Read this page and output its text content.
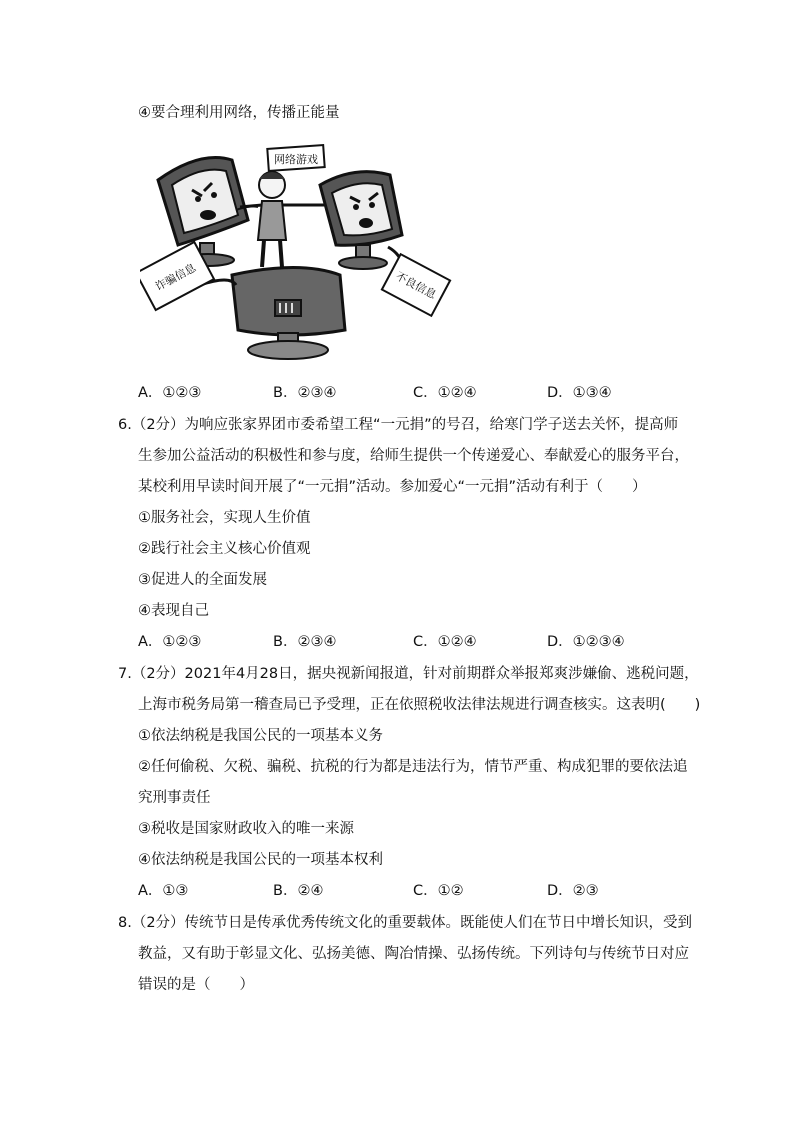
④要合理利用网络，传播正能量
网络游戏
诈骗信息	不良信息
A．①②③	B．②③④	C．①②④	D．①③④
6.（2分）为响应张家界团市委希望工程“一元捐”的号召，给寒门学子送去关怀，提高师
生参加公益活动的积极性和参与度，给师生提供一个传递爱心、奉献爱心的服务平台，
某校利用早读时间开展了“一元捐”活动。参加爱心“一元捐”活动有利于（　　）
①服务社会，实现人生价值
②践行社会主义核心价值观
③促进人的全面发展
④表现自己
A．①②③	B．②③④	C．①②④	D．①②③④
7.（2分）2021年4月28日，据央视新闻报道，针对前期群众举报郑爽涉嫌偷、逃税问题，
上海市税务局第一稽查局已予受理，正在依照税收法律法规进行调查核实。这表明(　　)
①依法纳税是我国公民的一项基本义务
②任何偷税、欠税、骗税、抗税的行为都是违法行为，情节严重、构成犯罪的要依法追
究刑事责任
③税收是国家财政收入的唯一来源
④依法纳税是我国公民的一项基本权利
A．①③	B．②④	C．①②	D．②③
8.（2分）传统节日是传承优秀传统文化的重要载体。既能使人们在节日中增长知识，受到
教益，又有助于彰显文化、弘扬美德、陶冶情操、弘扬传统。下列诗句与传统节日对应
错误的是（　　）
